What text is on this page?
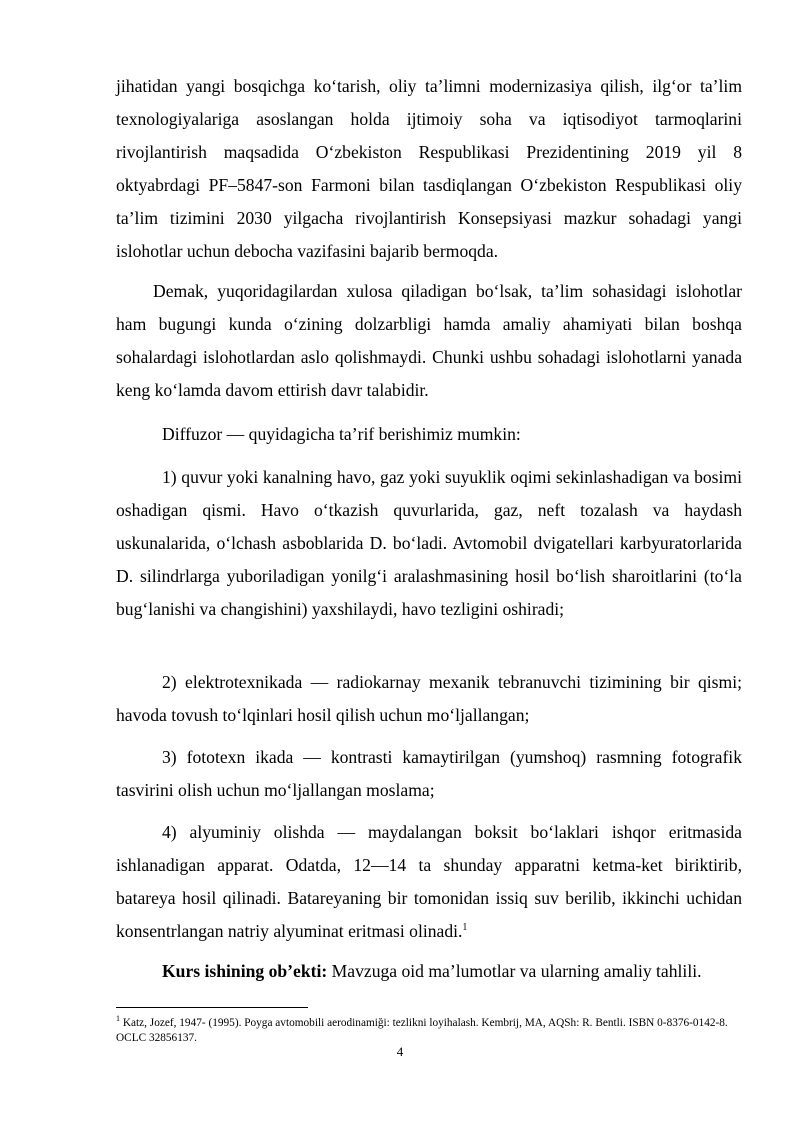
jihatidan yangi bosqichga ko‘tarish, oliy ta’limni modernizasiya qilish, ilg‘or ta’lim texnologiyalariga asoslangan holda ijtimoiy soha va iqtisodiyot tarmoqlarini rivojlantirish maqsadida O‘zbekiston Respublikasi Prezidentining 2019 yil 8 oktyabrdagi PF–5847-son Farmoni bilan tasdiqlangan O‘zbekiston Respublikasi oliy ta’lim tizimini 2030 yilgacha rivojlantirish Konsepsiyasi mazkur sohadagi yangi islohotlar uchun debocha vazifasini bajarib bermoqda.

Demak, yuqoridagilardan xulosa qiladigan bo‘lsak, ta’lim sohasidagi islohotlar ham bugungi kunda o‘zining dolzarbligi hamda amaliy ahamiyati bilan boshqa sohalardagi islohotlardan aslo qolishmaydi. Chunki ushbu sohadagi islohotlarni yanada keng ko‘lamda davom ettirish davr talabidir.

Diffuzor — quyidagicha ta’rif berishimiz mumkin:

1) quvur yoki kanalning havo, gaz yoki suyuklik oqimi sekinlashadigan va bosimi oshadigan qismi. Havo o‘tkazish quvurlarida, gaz, neft tozalash va haydash uskunalarida, o‘lchash asboblarida D. bo‘ladi. Avtomobil dvigatellari karbyuratorlarida D. silindrlarga yuboriladigan yonilg‘i aralashmasining hosil bo‘lish sharoitlarini (to‘la bug‘lanishi va changishini) yaxshilaydi, havo tezligini oshiradi;

2) elektrotexnikada — radiokarnay mexanik tebranuvchi tizimining bir qismi; havoda tovush to‘lqinlari hosil qilish uchun mo‘ljallangan;

3) fototexn ikada — kontrasti kamaytirilgan (yumshoq) rasmning fotografik tasvirini olish uchun mo‘ljallangan moslama;

4) alyuminiy olishda — maydalangan boksit bo‘laklari ishqor eritmasida ishlanadigan apparat. Odatda, 12—14 ta shunday apparatni ketma-ket biriktirib, batareya hosil qilinadi. Batareyaning bir tomonidan issiq suv berilib, ikkinchi uchidan konsentrlangan natriy alyuminat eritmasi olinadi.$^1$

Kurs ishining ob’ekti: Mavzuga oid ma’lumotlar va ularning amaliy tahlili.

$^1$ Katz, Jozef, 1947- (1995). Poyga avtomobili aerodinamiği: tezlikni loyihalash. Kembrij, MA, AQSh: R. Bentli. ISBN 0-8376-0142-8. OCLC 32856137.

4
